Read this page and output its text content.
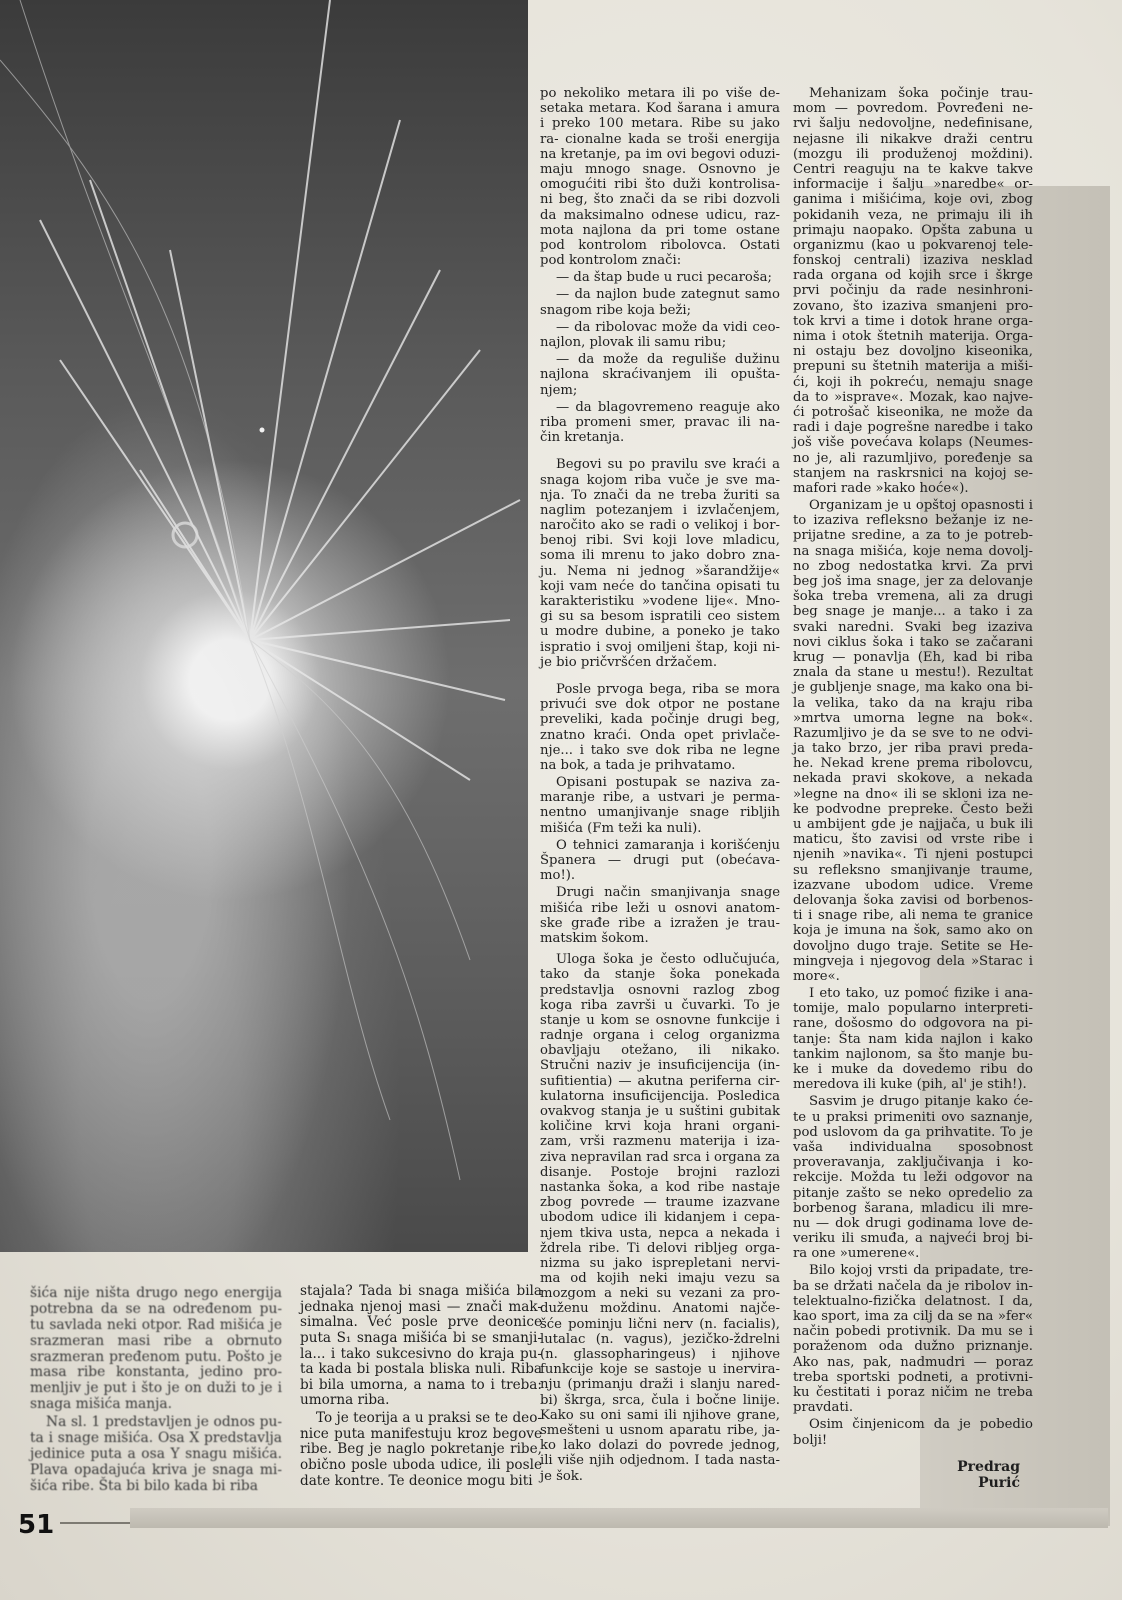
po nekoliko metara ili po više de- setaka metara. Kod šarana i amura i preko 100 metara. Ribe su jako ra- cionalne kada se troši energija na kretanje, pa im ovi begovi oduzi- maju mnogo snage. Osnovno je omogućiti ribi što duži kontrolisa- ni beg, što znači da se ribi dozvoli da maksimalno odnese udicu, raz- mota najlona da pri tome ostane pod kontrolom ribolovca. Ostati pod kontrolom znači:

— da štap bude u ruci pecaroša;

— da najlon bude zategnut samo snagom ribe koja beži;

— da ribolovac može da vidi ceo- najlon, plovak ili samu ribu;

— da može da reguliše dužinu najlona skraćivanjem ili opušta- njem;

— da blagovremeno reaguje ako riba promeni smer, pravac ili na- čin kretanja.

Begovi su po pravilu sve kraći a snaga kojom riba vuče je sve ma- nja. To znači da ne treba žuriti sa naglim potezanjem i izvlačenjem, naročito ako se radi o velikoj i bor- benoj ribi. Svi koji love mladicu, soma ili mrenu to jako dobro zna- ju. Nema ni jednog »šarandžije« koji vam neće do tančina opisati tu karakteristiku »vodene lije«. Mno- gi su sa besom ispratili ceo sistem u modre dubine, a poneko je tako ispratio i svoj omiljeni štap, koji ni- je bio pričvršćen držačem.

Posle prvoga bega, riba se mora privući sve dok otpor ne postane preveliki, kada počinje drugi beg, znatno kraći. Onda opet privlače- nje... i tako sve dok riba ne legne na bok, a tada je prihvatamo.

Opisani postupak se naziva za- maranje ribe, a ustvari je perma- nentno umanjivanje snage ribljih mišića (Fm teži ka nuli).

O tehnici zamaranja i korišćenju Španera — drugi put (obećava- mo!).

Drugi način smanjivanja snage mišića ribe leži u osnovi anatom- ske građe ribe a izražen je trau- matskim šokom.

Mehanizam šoka počinje trau- mom — povredom. Povređeni ne- rvi šalju nedovoljne, nedefinisane, nejasne ili nikakve draži centru (mozgu ili produženoj moždini). Centri reaguju na te kakve takve informacije i šalju »naredbe« or- ganima i mišićima, koje ovi, zbog pokidanih veza, ne primaju ili ih primaju naopako. Opšta zabuna u organizmu (kao u pokvarenoj tele- fonskoj centrali) izaziva nesklad rada organa od kojih srce i škrge prvi počinju da rade nesinhroni- zovano, što izaziva smanjeni pro- tok krvi a time i dotok hrane orga- nima i otok štetnih materija. Orga- ni ostaju bez dovoljno kiseonika, prepuni su štetnih materija a miši- ći, koji ih pokreću, nemaju snage da to »isprave«. Mozak, kao najve- ći potrošač kiseonika, ne može da radi i daje pogrešne naredbe i tako još više povećava kolaps (Neumes- no je, ali razumljivo, poređenje sa stanjem na raskrsnici na kojoj se- mafori rade »kako hoće«).

Organizam je u opštoj opasnosti i to izaziva refleksno bežanje iz ne- prijatne sredine, a za to je potreb- na snaga mišića, koje nema dovolj- no zbog nedostatka krvi. Za prvi beg još ima snage, jer za delovanje šoka treba vremena, ali za drugi beg snage je manje... a tako i za svaki naredni. Svaki beg izaziva novi ciklus šoka i tako se začarani krug — ponavlja (Eh, kad bi riba znala da stane u mestu!). Rezultat je gubljenje snage, ma kako ona bi- la velika, tako da na kraju riba »mrtva umorna legne na bok«. Razumljivo je da se sve to ne odvi- ja tako brzo, jer riba pravi preda- he. Nekad krene prema ribolovcu, nekada pravi skokove, a nekada »legne na dno« ili se skloni iza ne- ke podvodne prepreke. Često beži u ambijent gde je najjača, u buk ili maticu, što zavisi od vrste ribe i njenih »navika«. Ti njeni postupci su refleksno smanjivanje traume, izazvane ubodom udice. Vreme delovanja šoka zavisi od borbenos- ti i snage ribe, ali nema te granice koja je imuna na šok, samo ako on dovoljno dugo traje. Setite se He- mingveja i njegovog dela »Starac i more«.

I eto tako, uz pomoć fizike i ana- tomije, malo popularno interpreti- rane, došosmo do odgovora na pi- tanje: Šta nam kida najlon i kako tankim najlonom, sa što manje bu- ke i muke da dovedemo ribu do meredova ili kuke (pih, al' je stih!).

Sasvim je drugo pitanje kako će- te u praksi primeniti ovo saznanje, pod uslovom da ga prihvatite. To je vaša individualna sposobnost proveravanja, zaključivanja i ko- rekcije. Možda tu leži odgovor na pitanje zašto se neko opredelio za borbenog šarana, mladicu ili mre- nu — dok drugi godinama love de- veriku ili smuđa, a najveći broj bi- ra one »umerene«.

Bilo kojoj vrsti da pripadate, tre- ba se držati načela da je ribolov in- telektualno-fizička delatnost. I da, kao sport, ima za cilj da se na »fer« način pobedi protivnik. Da mu se i poraženom oda dužno priznanje. Ako nas, pak, nadmudri — poraz treba sportski podneti, a protivni- ku čestitati i poraz ničim ne treba pravdati.

Osim činjenicom da je pobedio bolji!

Uloga šoka je često odlučujuća, tako da stanje šoka ponekada predstavlja osnovni razlog zbog koga riba završi u čuvarki. To je stanje u kom se osnovne funkcije i radnje organa i celog organizma obavljaju otežano, ili nikako. Stručni naziv je insuficijencija (in- sufitientia) — akutna periferna cir- kulatorna insuficijencija. Posledica ovakvog stanja je u suštini gubitak količine krvi koja hrani organi- zam, vrši razmenu materija i iza- ziva nepravilan rad srca i organa za disanje. Postoje brojni razlozi nastanka šoka, a kod ribe nastaje zbog povrede — traume izazvane ubodom udice ili kidanjem i cepa- njem tkiva usta, nepca a nekada i ždrela ribe. Ti delovi ribljeg orga- nizma su jako isprepletani nervi- ma od kojih neki imaju vezu sa mozgom a neki su vezani za pro- duženu moždinu. Anatomi najče- šće pominju lični nerv (n. facialis), lutalac (n. vagus), jezičko-ždrelni (n. glassopharingeus) i njihove funkcije koje se sastoje u inervira- nju (primanju draži i slanju nared- bi) škrga, srca, čula i bočne linije. Kako su oni sami ili njihove grane, smešteni u usnom aparatu ribe, ja- ko lako dolazi do povrede jednog, ili više njih odjednom. I tada nasta- je šok.

šića nije ništa drugo nego energija potrebna da se na određenom pu- tu savlada neki otpor. Rad mišića je srazmeran masi ribe a obrnuto srazmeran pređenom putu. Pošto je masa ribe konstanta, jedino pro- menljiv je put i što je on duži to je i snaga mišića manja.

Na sl. 1 predstavljen je odnos pu- ta i snage mišića. Osa X predstavlja jedinice puta a osa Y snagu mišića. Plava opadajuća kriva je snaga mi- šića ribe. Šta bi bilo kada bi riba

stajala? Tada bi snaga mišića bila jednaka njenoj masi — znači mak- simalna. Već posle prve deonice puta S₁ snaga mišića bi se smanji- la... i tako sukcesivno do kraja pu- ta kada bi postala bliska nuli. Riba bi bila umorna, a nama to i treba: umorna riba.

To je teorija a u praksi se te deo- nice puta manifestuju kroz begove ribe. Beg je naglo pokretanje ribe, obično posle uboda udice, ili posle date kontre. Te deonice mogu biti

Predrag Purić
51
